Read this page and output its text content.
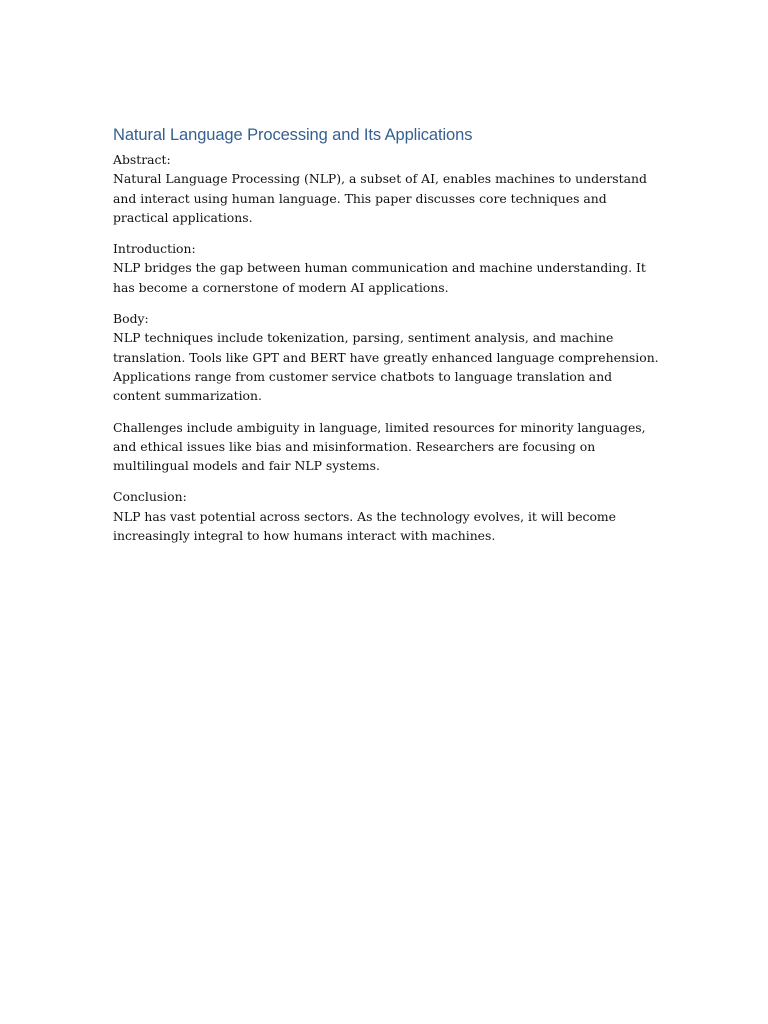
Natural Language Processing and Its Applications

Abstract:

Natural Language Processing (NLP), a subset of AI, enables machines to understand and interact using human language. This paper discusses core techniques and practical applications.

Introduction:

NLP bridges the gap between human communication and machine understanding. It has become a cornerstone of modern AI applications.

Body:

NLP techniques include tokenization, parsing, sentiment analysis, and machine translation. Tools like GPT and BERT have greatly enhanced language comprehension. Applications range from customer service chatbots to language translation and content summarization.

Challenges include ambiguity in language, limited resources for minority languages, and ethical issues like bias and misinformation. Researchers are focusing on multilingual models and fair NLP systems.

Conclusion:

NLP has vast potential across sectors. As the technology evolves, it will become increasingly integral to how humans interact with machines.
